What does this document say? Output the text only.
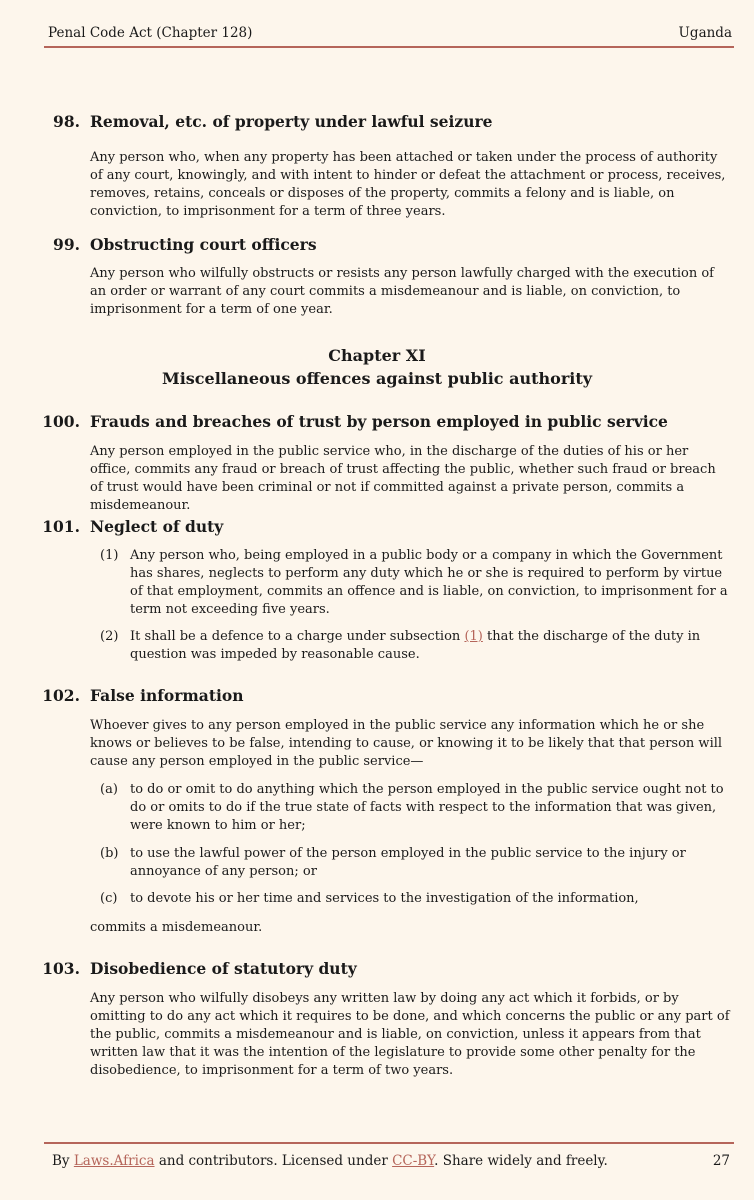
Penal Code Act (Chapter 128)	Uganda
98. Removal, etc. of property under lawful seizure
Any person who, when any property has been attached or taken under the process of authority of any court, knowingly, and with intent to hinder or defeat the attachment or process, receives, removes, retains, conceals or disposes of the property, commits a felony and is liable, on conviction, to imprisonment for a term of three years.
99. Obstructing court officers
Any person who wilfully obstructs or resists any person lawfully charged with the execution of an order or warrant of any court commits a misdemeanour and is liable, on conviction, to imprisonment for a term of one year.
Chapter XI
Miscellaneous offences against public authority
100. Frauds and breaches of trust by person employed in public service
Any person employed in the public service who, in the discharge of the duties of his or her office, commits any fraud or breach of trust affecting the public, whether such fraud or breach of trust would have been criminal or not if committed against a private person, commits a misdemeanour.
101. Neglect of duty
(1) Any person who, being employed in a public body or a company in which the Government has shares, neglects to perform any duty which he or she is required to perform by virtue of that employment, commits an offence and is liable, on conviction, to imprisonment for a term not exceeding five years.
(2) It shall be a defence to a charge under subsection (1) that the discharge of the duty in question was impeded by reasonable cause.
102. False information
Whoever gives to any person employed in the public service any information which he or she knows or believes to be false, intending to cause, or knowing it to be likely that that person will cause any person employed in the public service—
(a) to do or omit to do anything which the person employed in the public service ought not to do or omits to do if the true state of facts with respect to the information that was given, were known to him or her;
(b) to use the lawful power of the person employed in the public service to the injury or annoyance of any person; or
(c) to devote his or her time and services to the investigation of the information,
commits a misdemeanour.
103. Disobedience of statutory duty
Any person who wilfully disobeys any written law by doing any act which it forbids, or by omitting to do any act which it requires to be done, and which concerns the public or any part of the public, commits a misdemeanour and is liable, on conviction, unless it appears from that written law that it was the intention of the legislature to provide some other penalty for the disobedience, to imprisonment for a term of two years.
By Laws.Africa and contributors. Licensed under CC-BY. Share widely and freely.	27
